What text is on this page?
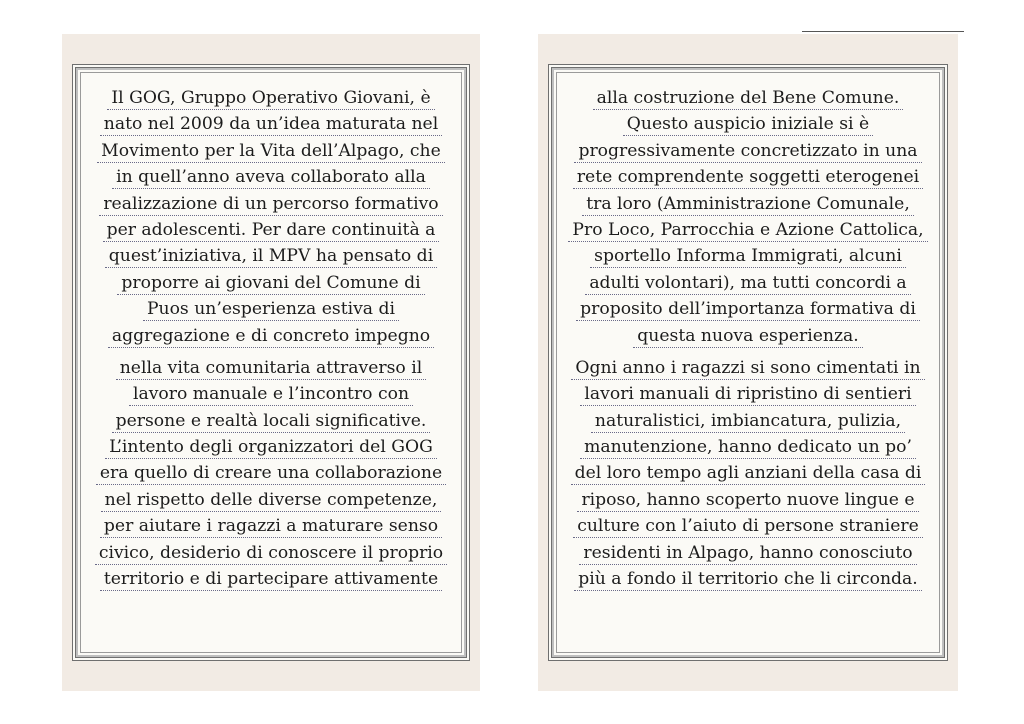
Il GOG, Gruppo Operativo Giovani, è
nato nel 2009 da un’idea maturata nel
Movimento per la Vita dell’Alpago, che
in quell’anno aveva collaborato alla
realizzazione di un percorso formativo
per adolescenti. Per dare continuità a
quest’iniziativa, il MPV ha pensato di
proporre ai giovani del Comune di
Puos un’esperienza estiva di
aggregazione e di concreto impegno
nella vita comunitaria attraverso il
lavoro manuale e l’incontro con
persone e realtà locali significative.
L’intento degli organizzatori del GOG
era quello di creare una collaborazione
nel rispetto delle diverse competenze,
per aiutare i ragazzi a maturare senso
civico, desiderio di conoscere il proprio
territorio e di partecipare attivamente
alla costruzione del Bene Comune.
Questo auspicio iniziale si è
progressivamente concretizzato in una
rete comprendente soggetti eterogenei
tra loro (Amministrazione Comunale,
Pro Loco, Parrocchia e Azione Cattolica,
sportello Informa Immigrati, alcuni
adulti volontari), ma tutti concordi a
proposito dell’importanza formativa di
questa nuova esperienza.
Ogni anno i ragazzi si sono cimentati in
lavori manuali di ripristino di sentieri
naturalistici, imbiancatura, pulizia,
manutenzione, hanno dedicato un po’
del loro tempo agli anziani della casa di
riposo, hanno scoperto nuove lingue e
culture con l’aiuto di persone straniere
residenti in Alpago, hanno conosciuto
più a fondo il territorio che li circonda.
